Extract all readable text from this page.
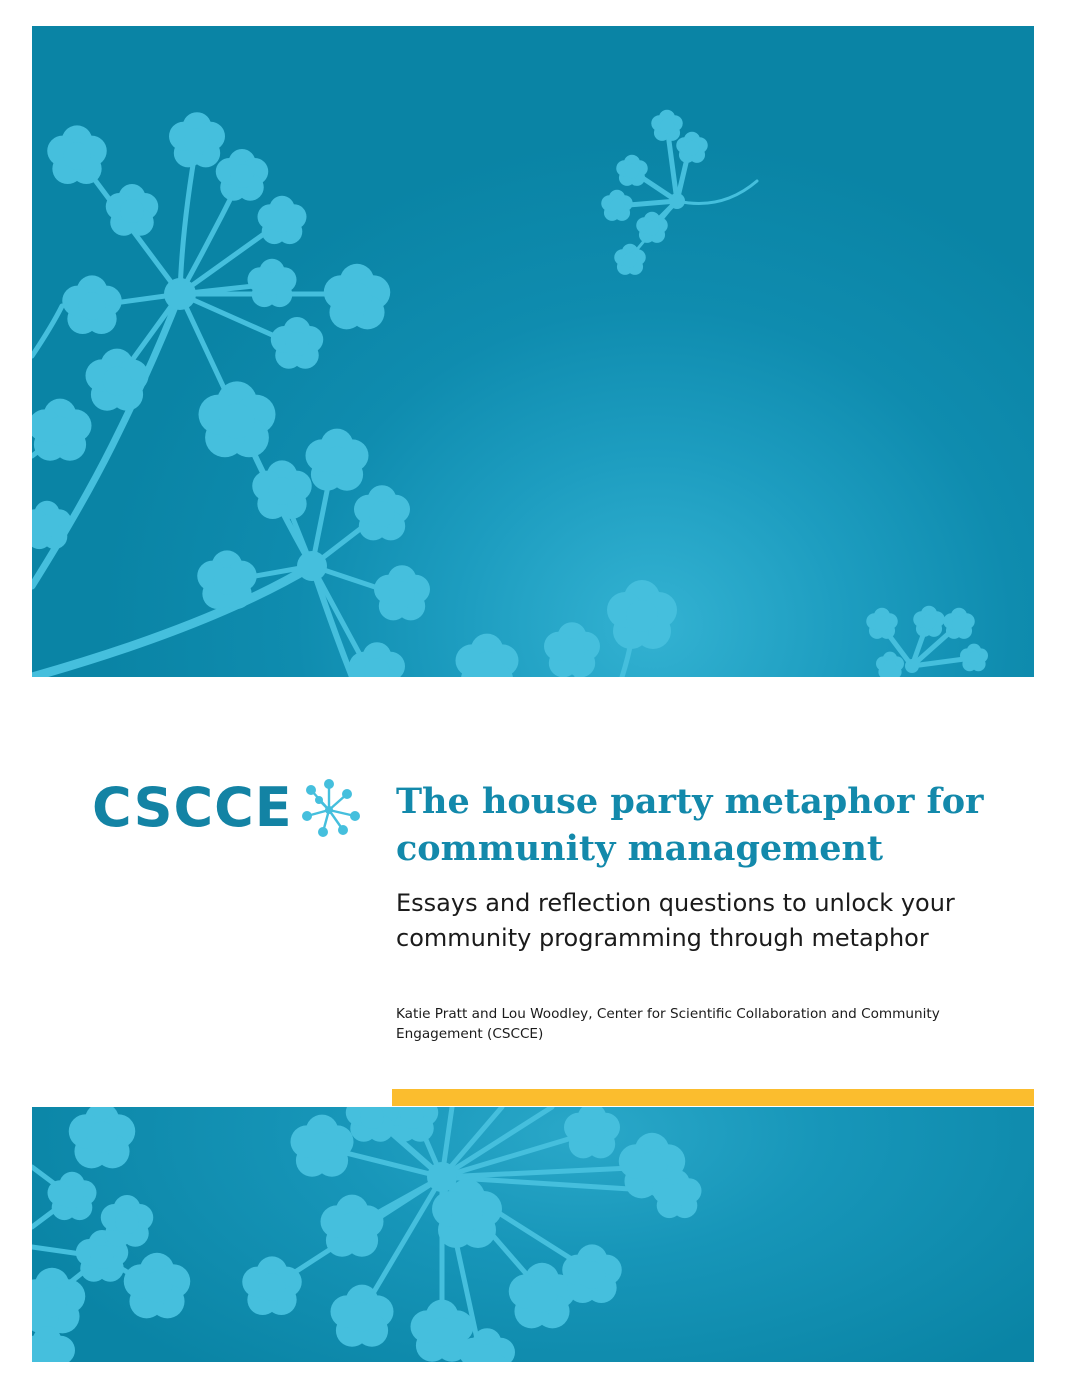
CSCCE	The house party metaphor for community management

Essays and reflection questions to unlock your community programming through metaphor

Katie Pratt and Lou Woodley, Center for Scientific Collaboration and Community Engagement (CSCCE)
